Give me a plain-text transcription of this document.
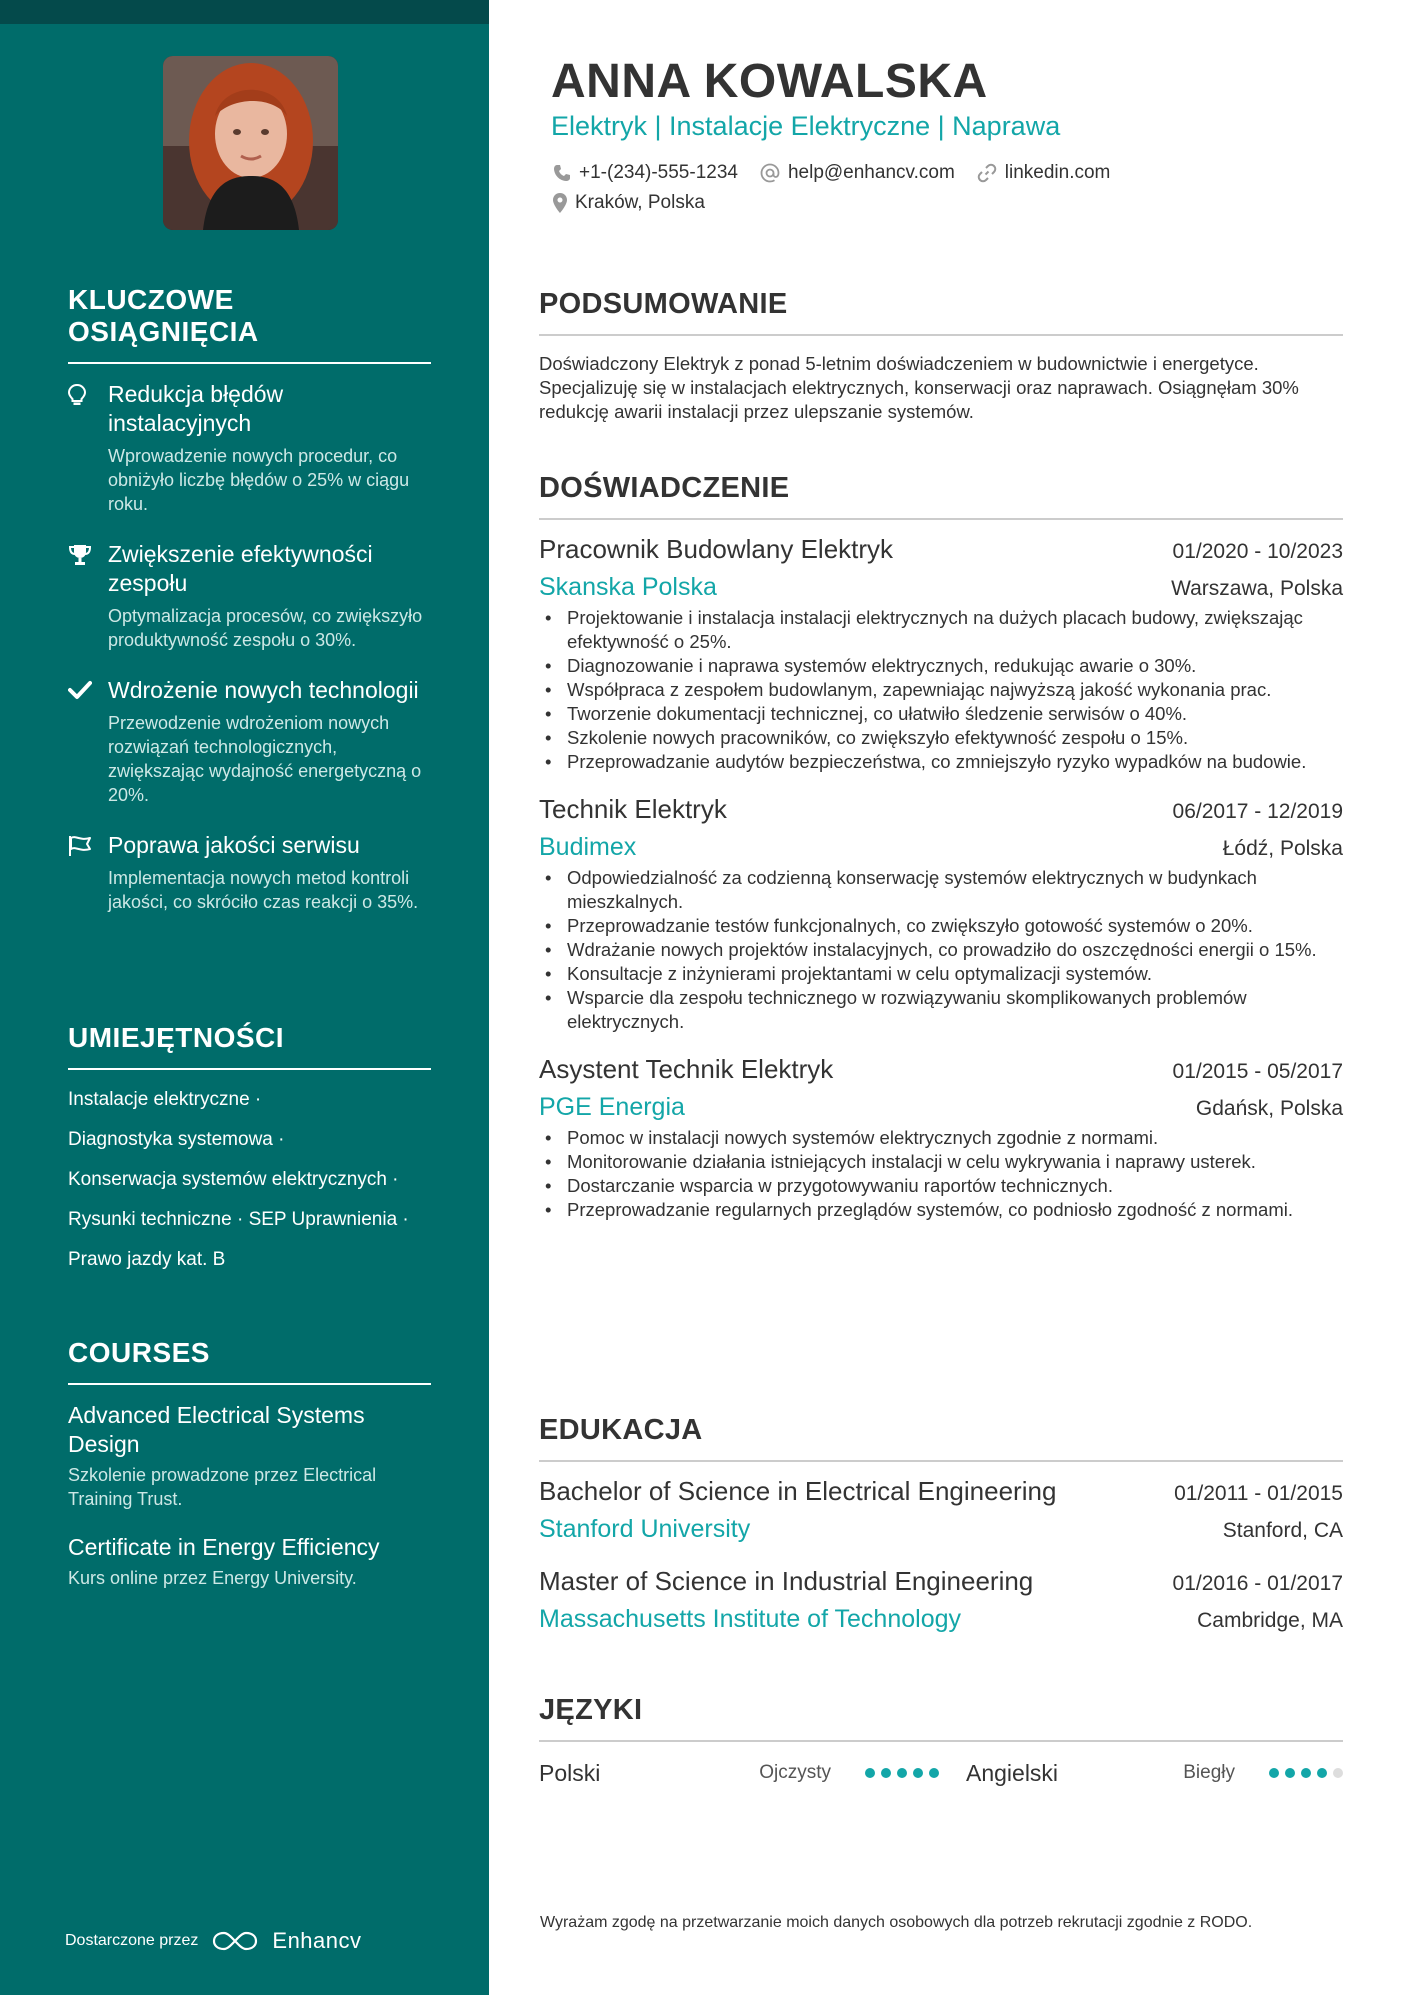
KLUCZOWE OSIĄGNIĘCIA
Redukcja błędów instalacyjnych
Wprowadzenie nowych procedur, co obniżyło liczbę błędów o 25% w ciągu roku.
Zwiększenie efektywności zespołu
Optymalizacja procesów, co zwiększyło produktywność zespołu o 30%.
Wdrożenie nowych technologii
Przewodzenie wdrożeniom nowych rozwiązań technologicznych, zwiększając wydajność energetyczną o 20%.
Poprawa jakości serwisu
Implementacja nowych metod kontroli jakości, co skróciło czas reakcji o 35%.
UMIEJĘTNOŚCI
Instalacje elektryczne ·
Diagnostyka systemowa ·
Konserwacja systemów elektrycznych ·
Rysunki techniczne · SEP Uprawnienia ·
Prawo jazdy kat. B
COURSES
Advanced Electrical Systems Design
Szkolenie prowadzone przez Electrical Training Trust.
Certificate in Energy Efficiency
Kurs online przez Energy University.
Dostarczone przez	Enhancv
ANNA KOWALSKA
Elektryk | Instalacje Elektryczne | Naprawa
+1-(234)-555-1234	help@enhancv.com	linkedin.com
Kraków, Polska
PODSUMOWANIE

Doświadczony Elektryk z ponad 5-letnim doświadczeniem w budownictwie i energetyce. Specjalizuję się w instalacjach elektrycznych, konserwacji oraz naprawach. Osiągnęłam 30% redukcję awarii instalacji przez ulepszanie systemów.

DOŚWIADCZENIE
Pracownik Budowlany Elektryk	01/2020 - 10/2023
Skanska Polska	Warszawa, Polska
• Projektowanie i instalacja instalacji elektrycznych na dużych placach budowy, zwiększając efektywność o 25%.
• Diagnozowanie i naprawa systemów elektrycznych, redukując awarie o 30%.
• Współpraca z zespołem budowlanym, zapewniając najwyższą jakość wykonania prac.
• Tworzenie dokumentacji technicznej, co ułatwiło śledzenie serwisów o 40%.
• Szkolenie nowych pracowników, co zwiększyło efektywność zespołu o 15%.
• Przeprowadzanie audytów bezpieczeństwa, co zmniejszyło ryzyko wypadków na budowie.
Technik Elektryk	06/2017 - 12/2019
Budimex	Łódź, Polska
• Odpowiedzialność za codzienną konserwację systemów elektrycznych w budynkach mieszkalnych.
• Przeprowadzanie testów funkcjonalnych, co zwiększyło gotowość systemów o 20%.
• Wdrażanie nowych projektów instalacyjnych, co prowadziło do oszczędności energii o 15%.
• Konsultacje z inżynierami projektantami w celu optymalizacji systemów.
• Wsparcie dla zespołu technicznego w rozwiązywaniu skomplikowanych problemów elektrycznych.
Asystent Technik Elektryk	01/2015 - 05/2017
PGE Energia	Gdańsk, Polska
• Pomoc w instalacji nowych systemów elektrycznych zgodnie z normami.
• Monitorowanie działania istniejących instalacji w celu wykrywania i naprawy usterek.
• Dostarczanie wsparcia w przygotowywaniu raportów technicznych.
• Przeprowadzanie regularnych przeglądów systemów, co podniosło zgodność z normami.
EDUKACJA
Bachelor of Science in Electrical Engineering	01/2011 - 01/2015
Stanford University	Stanford, CA
Master of Science in Industrial Engineering	01/2016 - 01/2017
Massachusetts Institute of Technology	Cambridge, MA
JĘZYKI
Polski	Ojczysty	Angielski	Biegły

Wyrażam zgodę na przetwarzanie moich danych osobowych dla potrzeb rekrutacji zgodnie z RODO.
